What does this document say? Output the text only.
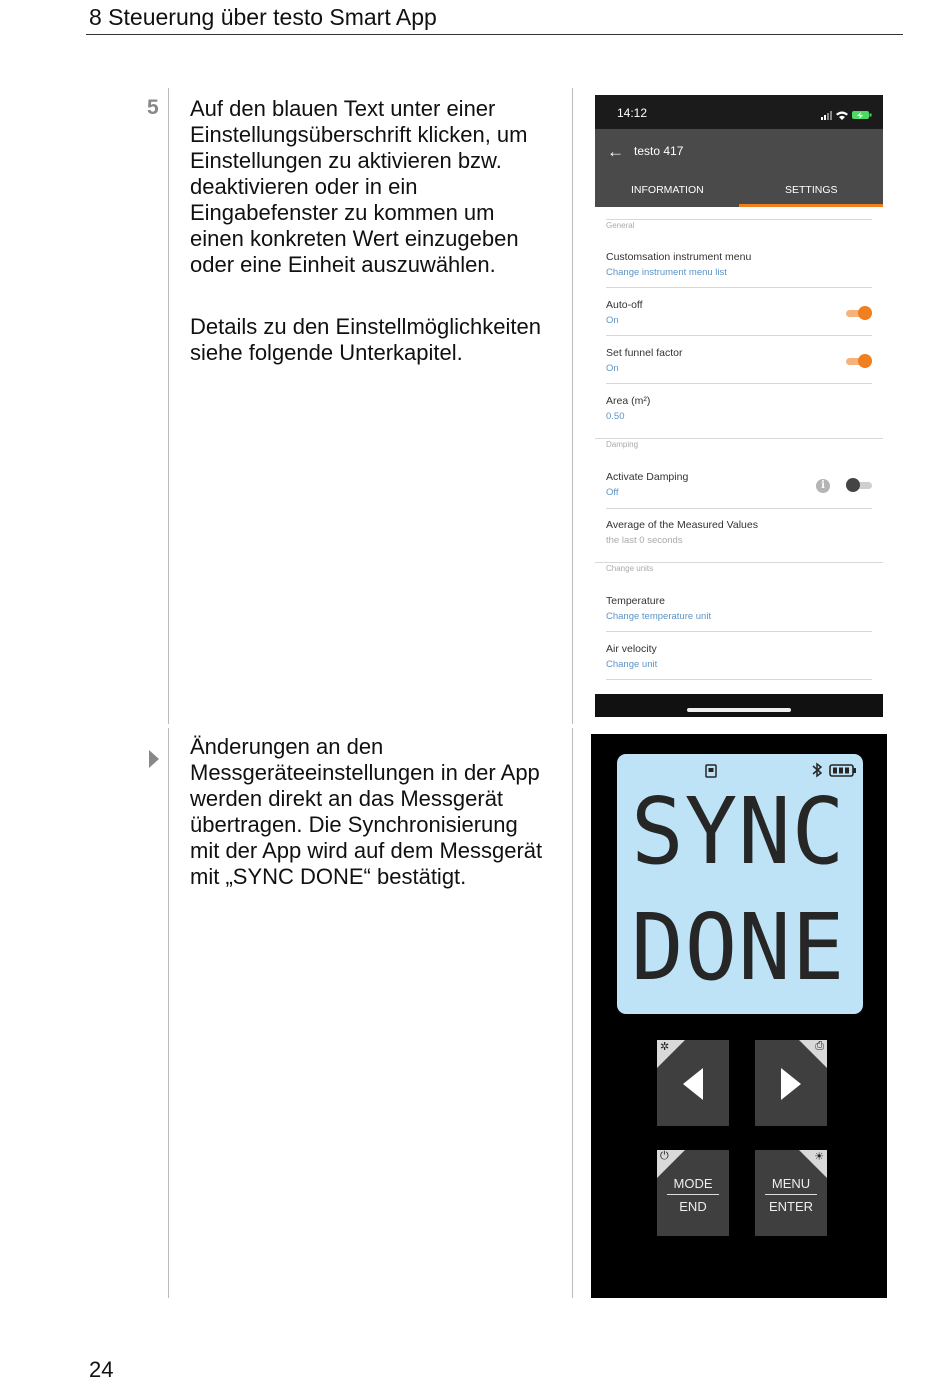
8 Steuerung über testo Smart App
5 Auf den blauen Text unter einer
Einstellungsüberschrift klicken, um
Einstellungen zu aktivieren bzw.
deaktivieren oder in ein
Eingabefenster zu kommen um
einen konkreten Wert einzugeben
oder eine Einheit auszuwählen.
Details zu den Einstellmöglichkeiten
siehe folgende Unterkapitel.
14:12
← testo 417
INFORMATION	SETTINGS
General
Customsation instrument menu
Change instrument menu list
Auto-off
On
Set funnel factor
On
Area (m²)
0.50
Damping
Activate Damping
Off
i
Average of the Measured Values
the last 0 seconds
Change units
Temperature
Change temperature unit
Air velocity
Change unit
Änderungen an den
Messgeräteeinstellungen in der App
werden direkt an das Messgerät
übertragen. Die Synchronisierung
mit der App wird auf dem Messgerät
mit „SYNC DONE“ bestätigt.	SYNC
DONE
✲	⎙
⏻
MODE
END
☀
MENU
ENTER
24
